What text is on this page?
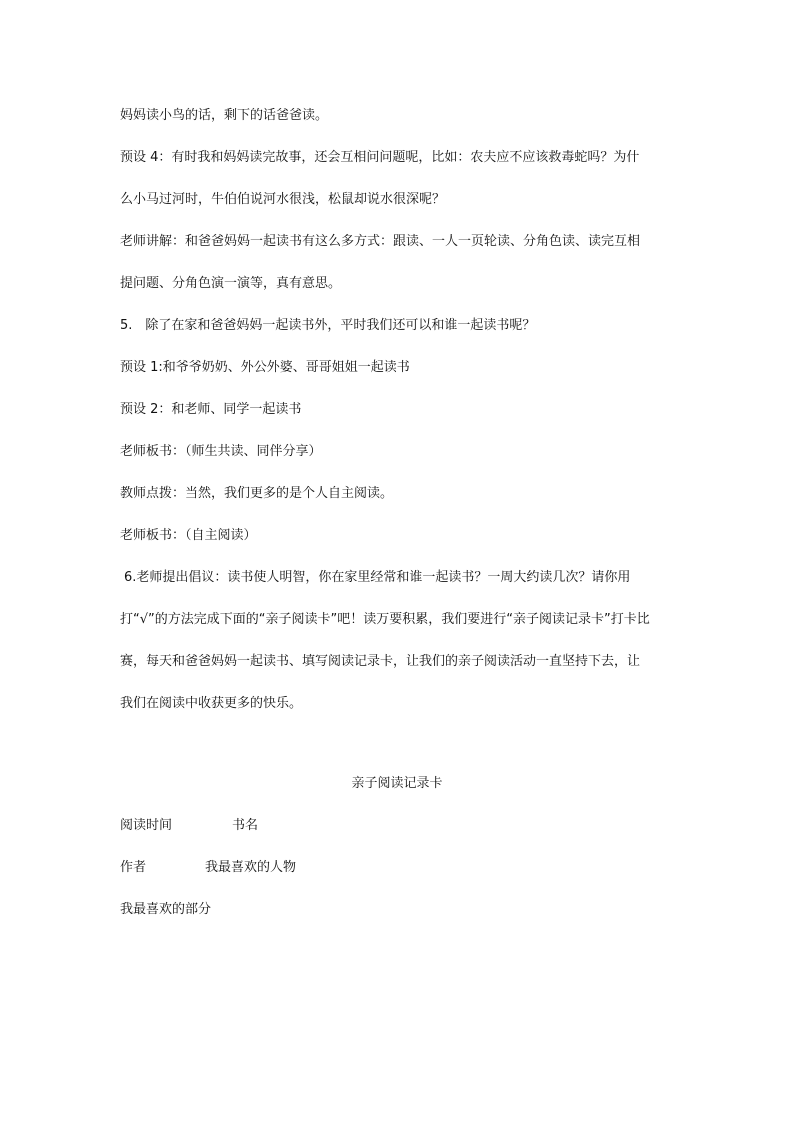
妈妈读小鸟的话，剩下的话爸爸读。
预设 4：有时我和妈妈读完故事，还会互相问问题呢，比如：农夫应不应该救毒蛇吗？为什
么小马过河时，牛伯伯说河水很浅，松鼠却说水很深呢？
老师讲解：和爸爸妈妈一起读书有这么多方式：跟读、一人一页轮读、分角色读、读完互相
提问题、分角色演一演等，真有意思。
5.　除了在家和爸爸妈妈一起读书外，平时我们还可以和谁一起读书呢？
预设 1:和爷爷奶奶、外公外婆、哥哥姐姐一起读书
预设 2：和老师、同学一起读书
老师板书：（师生共读、同伴分享）
教师点拨：当然，我们更多的是个人自主阅读。
老师板书：（自主阅读）
6.老师提出倡议：读书使人明智，你在家里经常和谁一起读书？一周大约读几次？请你用
打“√”的方法完成下面的“亲子阅读卡”吧！读万要积累，我们要进行“亲子阅读记录卡”打卡比
赛，每天和爸爸妈妈一起读书、填写阅读记录卡，让我们的亲子阅读活动一直坚持下去，让
我们在阅读中收获更多的快乐。
亲子阅读记录卡
阅读时间	书名
作者	我最喜欢的人物
我最喜欢的部分
